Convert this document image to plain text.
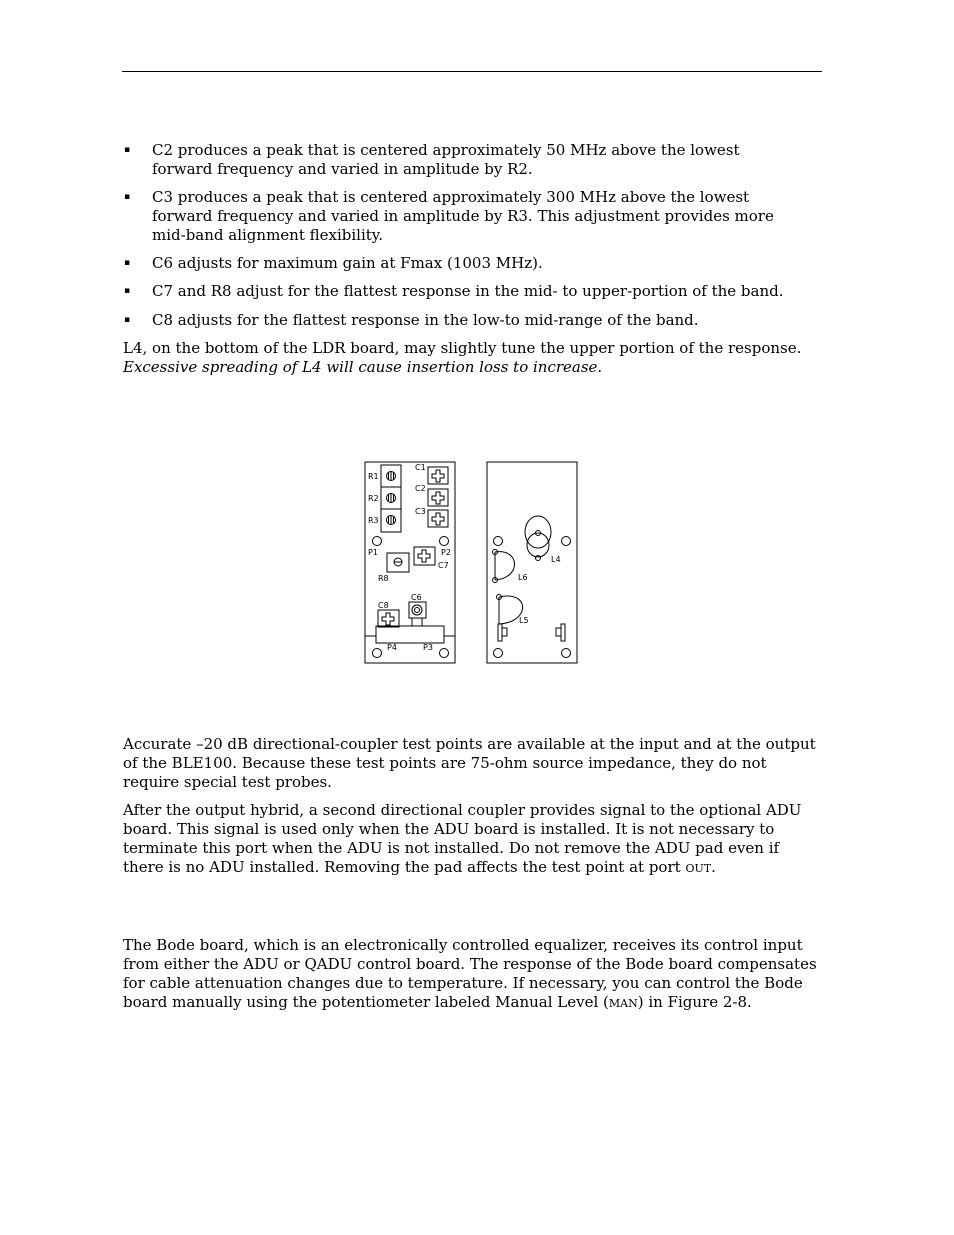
▪ C2 produces a peak that is centered approximately 50 MHz above the lowest forward frequency and varied in amplitude by R2.
▪ C3 produces a peak that is centered approximately 300 MHz above the lowest forward frequency and varied in amplitude by R3. This adjustment provides more mid-band alignment flexibility.
▪ C6 adjusts for maximum gain at Fmax (1003 MHz).
▪ C7 and R8 adjust for the flattest response in the mid- to upper-portion of the band.
▪ C8 adjusts for the flattest response in the low-to mid-range of the band.
L4, on the bottom of the LDR board, may slightly tune the upper portion of the response.
Excessive spreading of L4 will cause insertion loss to increase.
R1
R2
R3
C1
C2
C3
P1	P2
C7
R8
C8
C6
P4	P3
L4
L6
L5
Accurate –20 dB directional-coupler test points are available at the input and at the output of the BLE100. Because these test points are 75-ohm source impedance, they do not require special test probes.
After the output hybrid, a second directional coupler provides signal to the optional ADU board. This signal is used only when the ADU board is installed. It is not necessary to terminate this port when the ADU is not installed. Do not remove the ADU pad even if there is no ADU installed. Removing the pad affects the test point at port OUT.
The Bode board, which is an electronically controlled equalizer, receives its control input from either the ADU or QADU control board. The response of the Bode board compensates for cable attenuation changes due to temperature. If necessary, you can control the Bode board manually using the potentiometer labeled Manual Level (MAN) in Figure 2-8.
